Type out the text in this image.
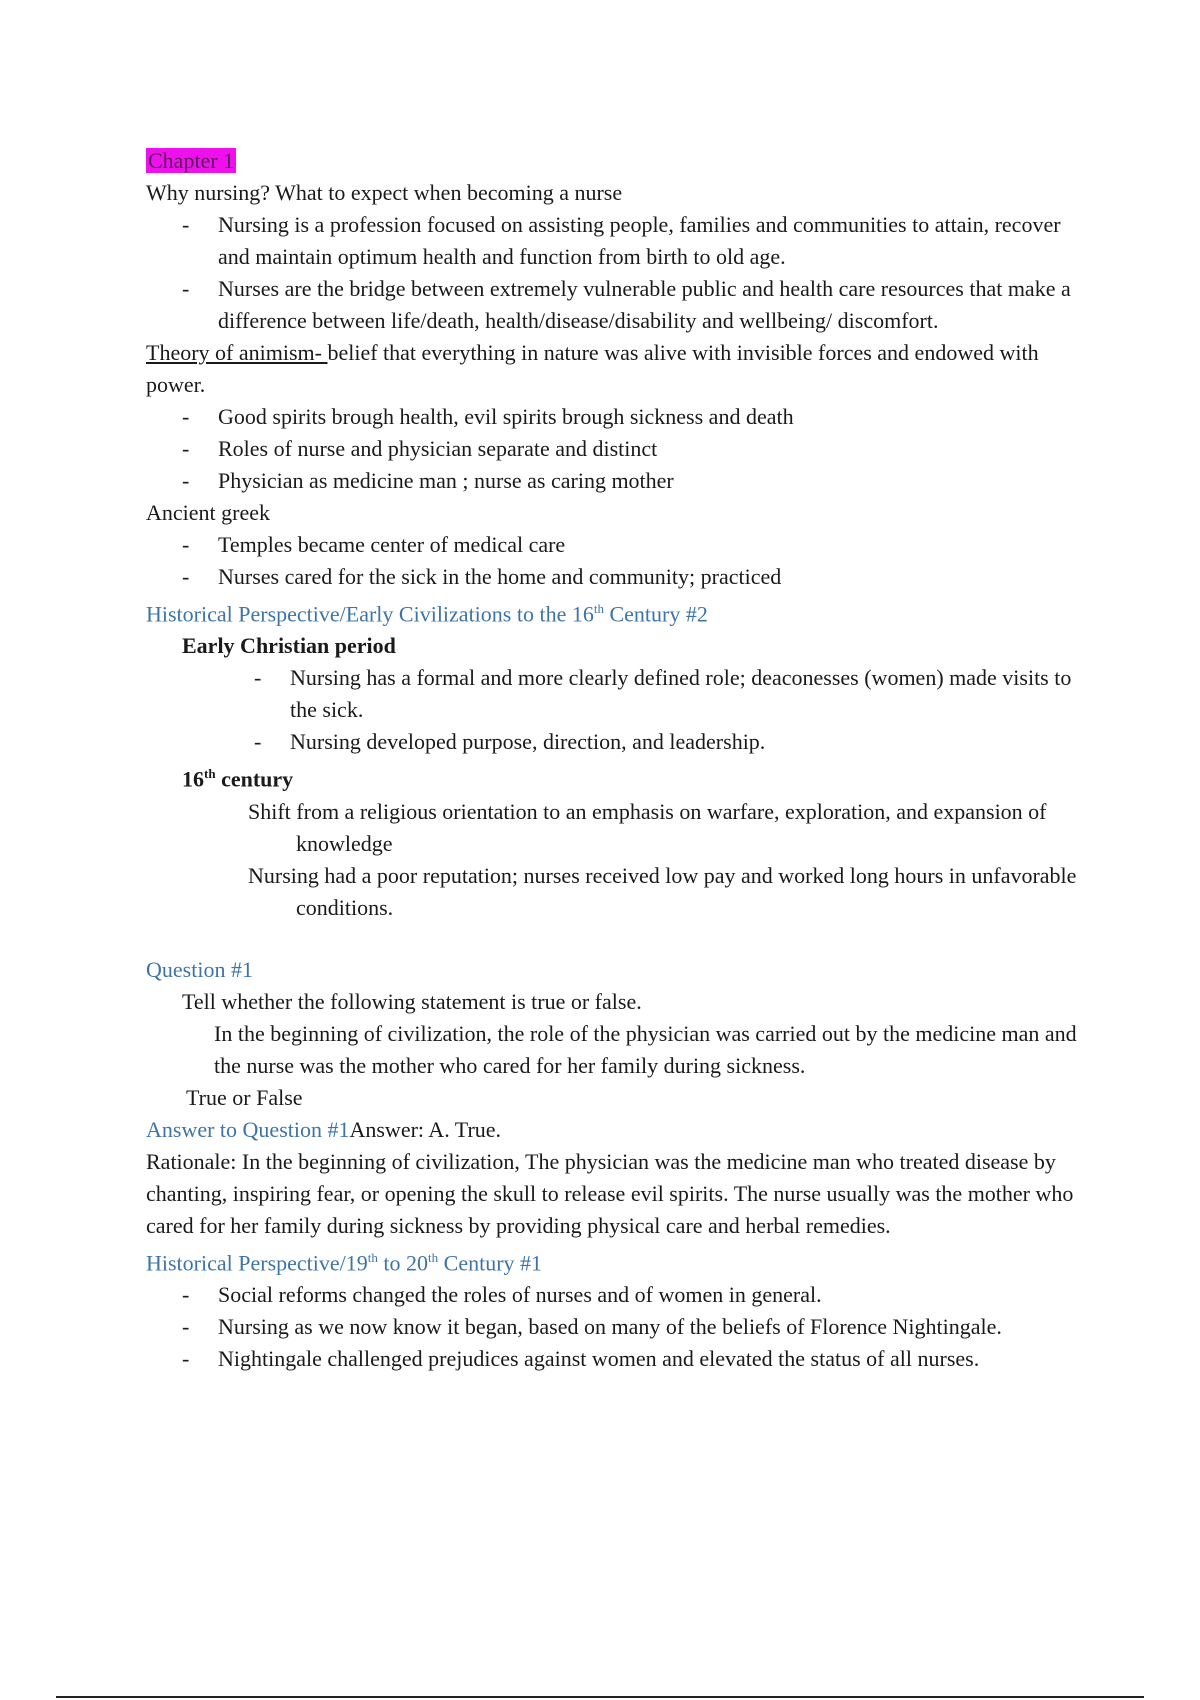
Chapter 1

Why nursing? What to expect when becoming a nurse

- Nursing is a profession focused on assisting people, families and communities to attain, recover and maintain optimum health and function from birth to old age.
- Nurses are the bridge between extremely vulnerable public and health care resources that make a difference between life/death, health/disease/disability and wellbeing/ discomfort.

Theory of animism- belief that everything in nature was alive with invisible forces and endowed with power.

- Good spirits brough health, evil spirits brough sickness and death
- Roles of nurse and physician separate and distinct
- Physician as medicine man ; nurse as caring mother

Ancient greek

- Temples became center of medical care
- Nurses cared for the sick in the home and community; practiced

Historical Perspective/Early Civilizations to the 16th Century #2

Early Christian period

- Nursing has a formal and more clearly defined role; deaconesses (women) made visits to the sick.
- Nursing developed purpose, direction, and leadership.

16th century

Shift from a religious orientation to an emphasis on warfare, exploration, and expansion of knowledge

Nursing had a poor reputation; nurses received low pay and worked long hours in unfavorable conditions.

Question #1

Tell whether the following statement is true or false.

In the beginning of civilization, the role of the physician was carried out by the medicine man and the nurse was the mother who cared for her family during sickness.

True or False

Answer to Question #1Answer: A. True.

Rationale: In the beginning of civilization, The physician was the medicine man who treated disease by chanting, inspiring fear, or opening the skull to release evil spirits. The nurse usually was the mother who cared for her family during sickness by providing physical care and herbal remedies.

Historical Perspective/19th to 20th Century #1

- Social reforms changed the roles of nurses and of women in general.
- Nursing as we now know it began, based on many of the beliefs of Florence Nightingale.
- Nightingale challenged prejudices against women and elevated the status of all nurses.
